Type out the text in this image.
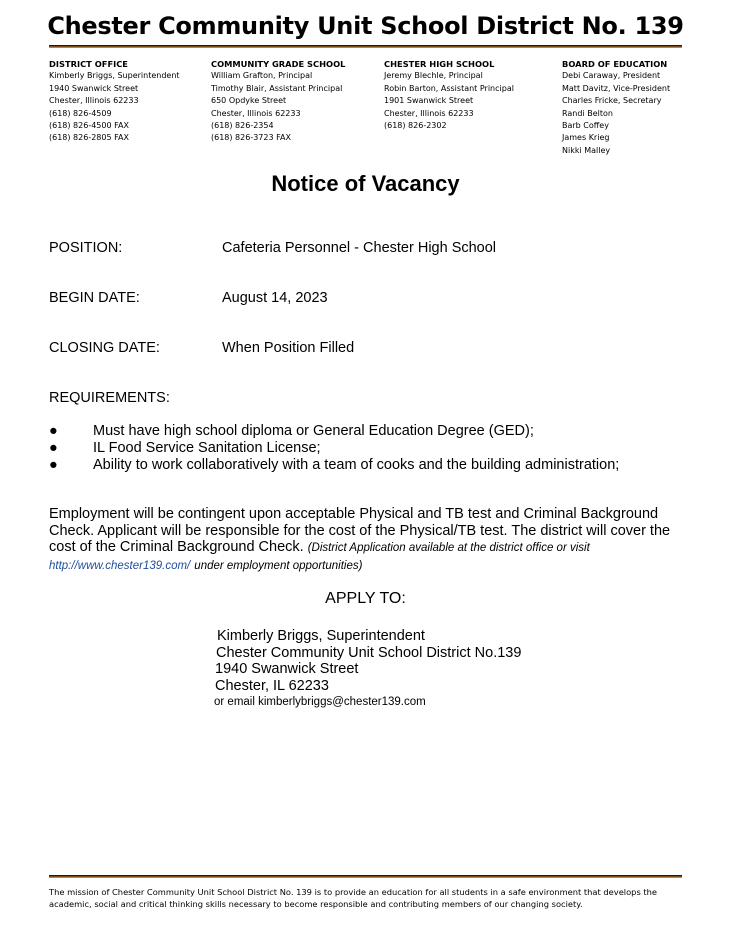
Chester Community Unit School District No. 139
DISTRICT OFFICE
Kimberly Briggs, Superintendent
1940 Swanwick Street
Chester, Illinois 62233
(618) 826-4509
(618) 826-4500 FAX
(618) 826-2805 FAX
COMMUNITY GRADE SCHOOL
William Grafton, Principal
Timothy Blair, Assistant Principal
650 Opdyke Street
Chester, Illinois 62233
(618) 826-2354
(618) 826-3723 FAX
CHESTER HIGH SCHOOL
Jeremy Blechle, Principal
Robin Barton, Assistant Principal
1901 Swanwick Street
Chester, Illinois 62233
(618) 826-2302
BOARD OF EDUCATION
Debi Caraway, President
Matt Davitz, Vice-President
Charles Fricke, Secretary
Randi Belton
Barb Coffey
James Krieg
Nikki Malley
Notice of Vacancy
POSITION:	Cafeteria Personnel - Chester High School
BEGIN DATE:	August 14, 2023
CLOSING DATE:	When Position Filled
REQUIREMENTS:
● Must have high school diploma or General Education Degree (GED);
● IL Food Service Sanitation License;
● Ability to work collaboratively with a team of cooks and the building administration;
Employment will be contingent upon acceptable Physical and TB test and Criminal Background Check. Applicant will be responsible for the cost of the Physical/TB test. The district will cover the cost of the Criminal Background Check. (District Application available at the district office or visit http://www.chester139.com/ under employment opportunities)
APPLY TO:
Kimberly Briggs, Superintendent
Chester Community Unit School District No.139
1940 Swanwick Street
Chester, IL 62233
or email kimberlybriggs@chester139.com
The mission of Chester Community Unit School District No. 139 is to provide an education for all students in a safe environment that develops the academic, social and critical thinking skills necessary to become responsible and contributing members of our changing society.
